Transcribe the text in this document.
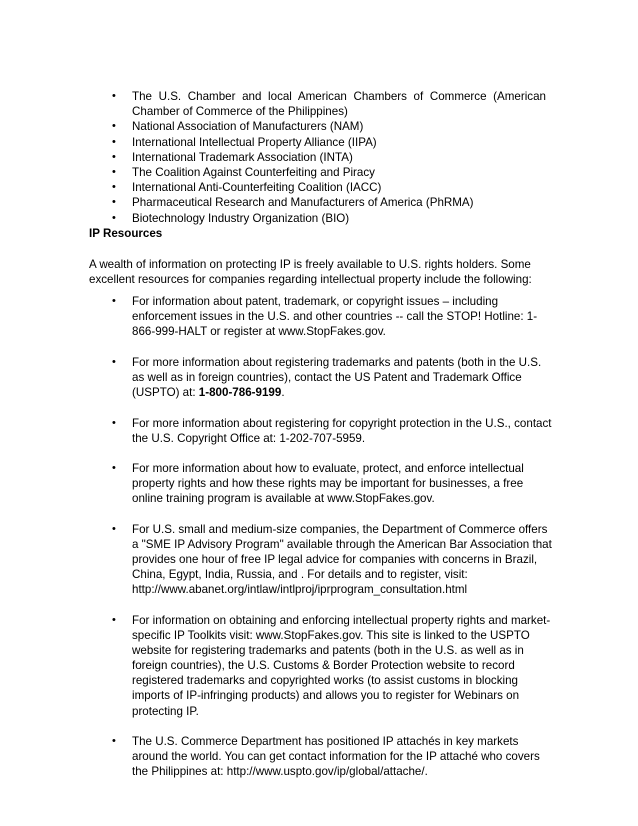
• The U.S. Chamber and local American Chambers of Commerce (American Chamber of Commerce of the Philippines)
• National Association of Manufacturers (NAM)
• International Intellectual Property Alliance (IIPA)
• International Trademark Association (INTA)
• The Coalition Against Counterfeiting and Piracy
• International Anti-Counterfeiting Coalition (IACC)
• Pharmaceutical Research and Manufacturers of America (PhRMA)
• Biotechnology Industry Organization (BIO)
IP Resources

A wealth of information on protecting IP is freely available to U.S. rights holders. Some excellent resources for companies regarding intellectual property include the following:

• For information about patent, trademark, or copyright issues – including enforcement issues in the U.S. and other countries -- call the STOP! Hotline: 1-866-999-HALT or register at www.StopFakes.gov.
• For more information about registering trademarks and patents (both in the U.S. as well as in foreign countries), contact the US Patent and Trademark Office (USPTO) at: 1-800-786-9199.
• For more information about registering for copyright protection in the U.S., contact the U.S. Copyright Office at: 1-202-707-5959.
• For more information about how to evaluate, protect, and enforce intellectual property rights and how these rights may be important for businesses, a free online training program is available at www.StopFakes.gov.
• For U.S. small and medium-size companies, the Department of Commerce offers a "SME IP Advisory Program" available through the American Bar Association that provides one hour of free IP legal advice for companies with concerns in Brazil, China, Egypt, India, Russia, and . For details and to register, visit: http://www.abanet.org/intlaw/intlproj/iprprogram_consultation.html
• For information on obtaining and enforcing intellectual property rights and market-specific IP Toolkits visit: www.StopFakes.gov. This site is linked to the USPTO website for registering trademarks and patents (both in the U.S. as well as in foreign countries), the U.S. Customs & Border Protection website to record registered trademarks and copyrighted works (to assist customs in blocking imports of IP-infringing products) and allows you to register for Webinars on protecting IP.
• The U.S. Commerce Department has positioned IP attachés in key markets around the world. You can get contact information for the IP attaché who covers the Philippines at: http://www.uspto.gov/ip/global/attache/.
